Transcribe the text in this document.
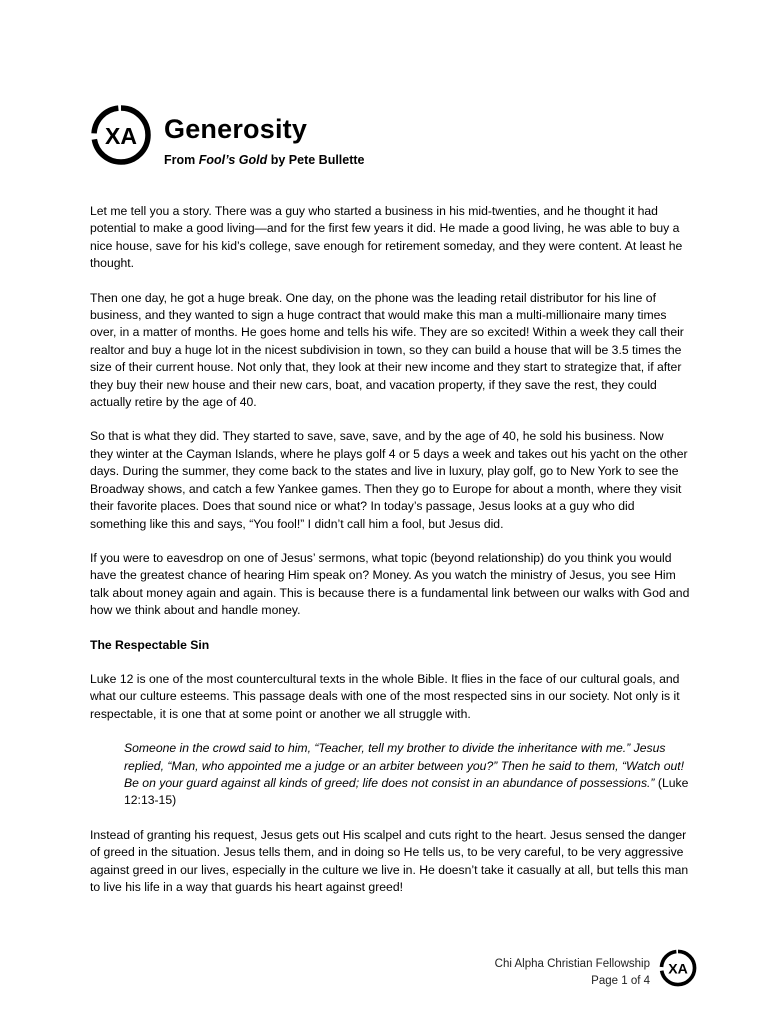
XA Generosity
From Fool’s Gold by Pete Bullette

Let me tell you a story. There was a guy who started a business in his mid-twenties, and he thought it had potential to make a good living—and for the first few years it did. He made a good living, he was able to buy a nice house, save for his kid’s college, save enough for retirement someday, and they were content. At least he thought.

Then one day, he got a huge break. One day, on the phone was the leading retail distributor for his line of business, and they wanted to sign a huge contract that would make this man a multi-millionaire many times over, in a matter of months. He goes home and tells his wife. They are so excited! Within a week they call their realtor and buy a huge lot in the nicest subdivision in town, so they can build a house that will be 3.5 times the size of their current house. Not only that, they look at their new income and they start to strategize that, if after they buy their new house and their new cars, boat, and vacation property, if they save the rest, they could actually retire by the age of 40.

So that is what they did. They started to save, save, save, and by the age of 40, he sold his business. Now they winter at the Cayman Islands, where he plays golf 4 or 5 days a week and takes out his yacht on the other days. During the summer, they come back to the states and live in luxury, play golf, go to New York to see the Broadway shows, and catch a few Yankee games. Then they go to Europe for about a month, where they visit their favorite places. Does that sound nice or what? In today’s passage, Jesus looks at a guy who did something like this and says, “You fool!” I didn’t call him a fool, but Jesus did.

If you were to eavesdrop on one of Jesus’ sermons, what topic (beyond relationship) do you think you would have the greatest chance of hearing Him speak on? Money. As you watch the ministry of Jesus, you see Him talk about money again and again. This is because there is a fundamental link between our walks with God and how we think about and handle money.

The Respectable Sin

Luke 12 is one of the most countercultural texts in the whole Bible. It flies in the face of our cultural goals, and what our culture esteems. This passage deals with one of the most respected sins in our society. Not only is it respectable, it is one that at some point or another we all struggle with.

Someone in the crowd said to him, “Teacher, tell my brother to divide the inheritance with me.” Jesus replied, “Man, who appointed me a judge or an arbiter between you?” Then he said to them, “Watch out! Be on your guard against all kinds of greed; life does not consist in an abundance of possessions.” (Luke 12:13-15)

Instead of granting his request, Jesus gets out His scalpel and cuts right to the heart. Jesus sensed the danger of greed in the situation. Jesus tells them, and in doing so He tells us, to be very careful, to be very aggressive against greed in our lives, especially in the culture we live in. He doesn’t take it casually at all, but tells this man to live his life in a way that guards his heart against greed!

Chi Alpha Christian Fellowship
Page 1 of 4
XA
